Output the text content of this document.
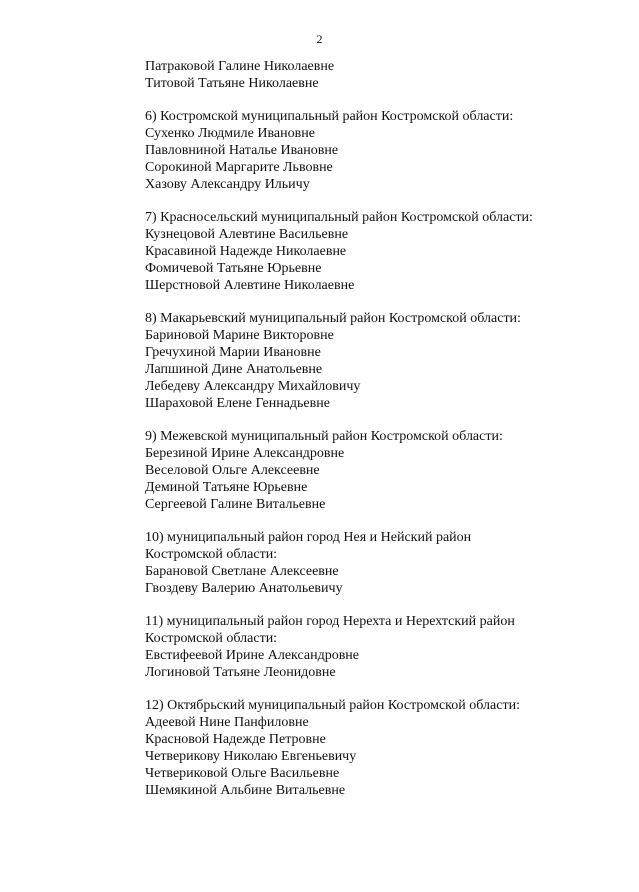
2
Патраковой Галине Николаевне
Титовой Татьяне Николаевне
6) Костромской муниципальный район Костромской области:
Сухенко Людмиле Ивановне
Павловниной Наталье Ивановне
Сорокиной Маргарите Львовне
Хазову Александру Ильичу
7) Красносельский муниципальный район Костромской области:
Кузнецовой Алевтине Васильевне
Красавиной Надежде Николаевне
Фомичевой Татьяне Юрьевне
Шерстновой Алевтине Николаевне
8) Макарьевский муниципальный район Костромской области:
Бариновой Марине Викторовне
Гречухиной Марии Ивановне
Лапшиной Дине Анатольевне
Лебедеву Александру Михайловичу
Шараховой Елене Геннадьевне
9) Межевской муниципальный район Костромской области:
Березиной Ирине Александровне
Веселовой Ольге Алексеевне
Деминой Татьяне Юрьевне
Сергеевой Галине Витальевне
10) муниципальный район город Нея и Нейский район
Костромской области:
Барановой Светлане Алексеевне
Гвоздеву Валерию Анатольевичу
11) муниципальный район город Нерехта и Нерехтский район
Костромской области:
Евстифеевой Ирине Александровне
Логиновой Татьяне Леонидовне
12) Октябрьский муниципальный район Костромской области:
Адеевой Нине Панфиловне
Красновой Надежде Петровне
Четверикову Николаю Евгеньевичу
Четвериковой Ольге Васильевне
Шемякиной Альбине Витальевне
